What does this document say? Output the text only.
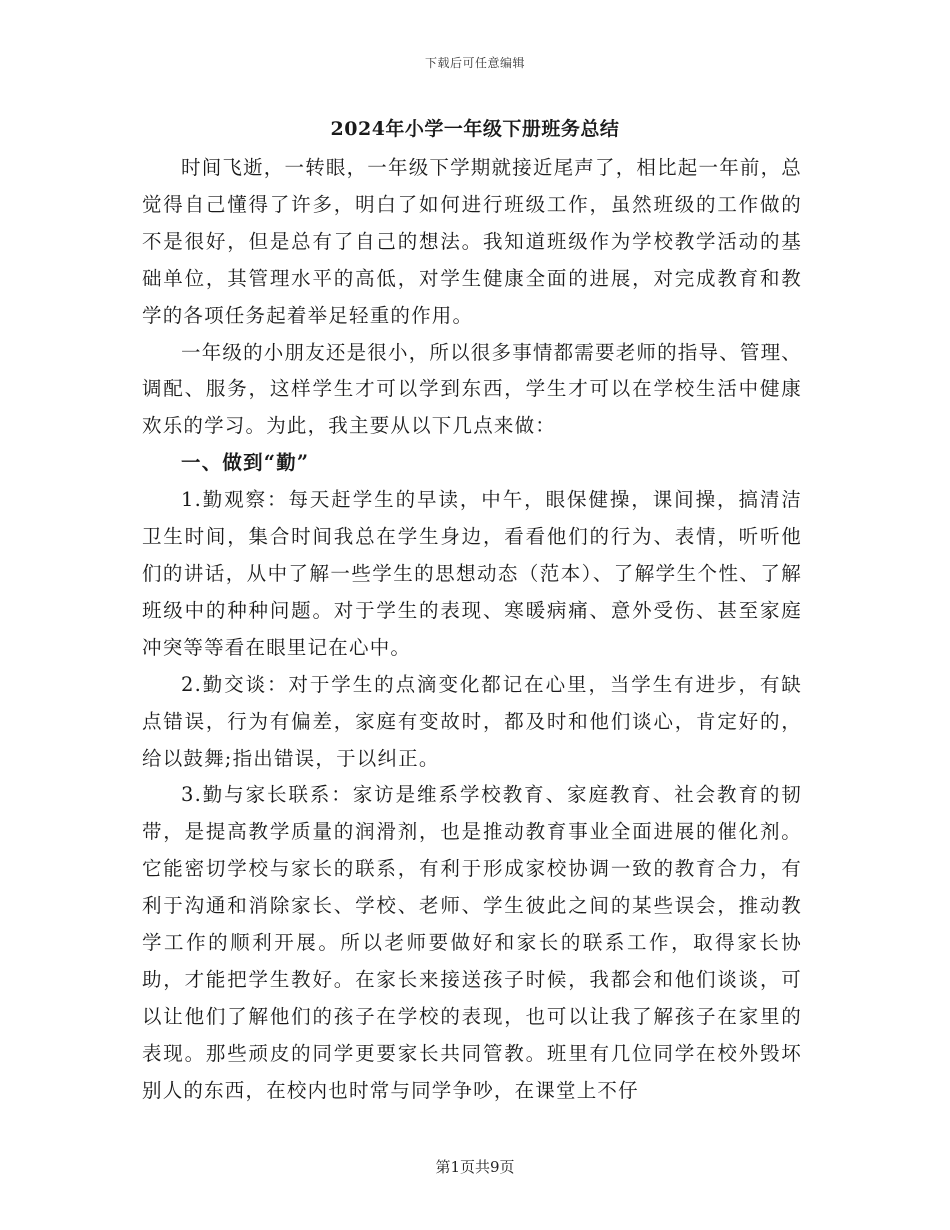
下载后可任意编辑
2024年小学一年级下册班务总结

时间飞逝，一转眼，一年级下学期就接近尾声了，相比起一年前，总觉得自己懂得了许多，明白了如何进行班级工作，虽然班级的工作做的不是很好，但是总有了自己的想法。我知道班级作为学校教学活动的基础单位，其管理水平的高低，对学生健康全面的进展，对完成教育和教学的各项任务起着举足轻重的作用。

一年级的小朋友还是很小，所以很多事情都需要老师的指导、管理、调配、服务，这样学生才可以学到东西，学生才可以在学校生活中健康欢乐的学习。为此，我主要从以下几点来做：

一、做到“勤”

1.勤观察：每天赶学生的早读，中午，眼保健操，课间操，搞清洁卫生时间，集合时间我总在学生身边，看看他们的行为、表情，听听他们的讲话，从中了解一些学生的思想动态（范本）、了解学生个性、了解班级中的种种问题。对于学生的表现、寒暖病痛、意外受伤、甚至家庭冲突等等看在眼里记在心中。

2.勤交谈：对于学生的点滴变化都记在心里，当学生有进步，有缺点错误，行为有偏差，家庭有变故时，都及时和他们谈心，肯定好的，给以鼓舞;指出错误，于以纠正。

3.勤与家长联系：家访是维系学校教育、家庭教育、社会教育的韧带，是提高教学质量的润滑剂，也是推动教育事业全面进展的催化剂。它能密切学校与家长的联系，有利于形成家校协调一致的教育合力，有利于沟通和消除家长、学校、老师、学生彼此之间的某些误会，推动教学工作的顺利开展。所以老师要做好和家长的联系工作，取得家长协助，才能把学生教好。在家长来接送孩子时候，我都会和他们谈谈，可以让他们了解他们的孩子在学校的表现，也可以让我了解孩子在家里的表现。那些顽皮的同学更要家长共同管教。班里有几位同学在校外毁坏别人的东西，在校内也时常与同学争吵，在课堂上不仔

第1页共9页
